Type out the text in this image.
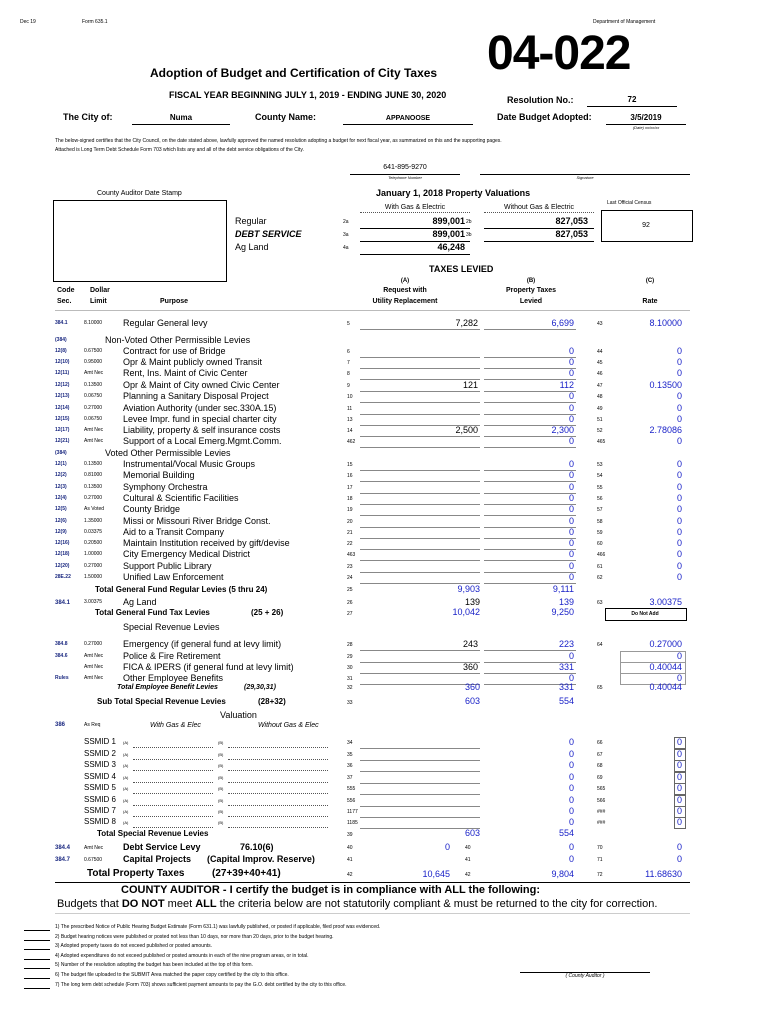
Dec 19	Form 635.1	Department of Management
04-022
Adoption of Budget and Certification of City Taxes
FISCAL YEAR BEGINNING JULY 1, 2019 - ENDING JUNE 30, 2020	Resolution No.:	72
The City of:	Numa	County Name:	APPANOOSE	Date Budget Adopted:	3/5/2019
(Date) xx/xx/xx
The below-signed certifies that the City Council, on the date stated above, lawfully approved the named resolution adopting a budget for next fiscal year, as summarized on this and the supporting pages.
Attached is Long Term Debt Schedule Form 703 which lists any and all of the debt service obligations of the City.
641-895-9270
Telephone Number	Signature
County Auditor Date Stamp	January 1, 2018 Property Valuations
With Gas & Electric	Without Gas & Electric
Last Official Census
92
Regular	2a	899,001 2b	827,053
DEBT SERVICE	3a	899,001 3b	827,053
Ag Land	4a	46,248
TAXES LEVIED
(A)
Request with
Utility Replacement
(B)
Property Taxes
Levied
(C)
Rate
Code
Sec.
Dollar
Limit	Purpose
384.1	8.10000 Regular General levy	5	7,282	6,699	43	8.10000
(384)	Non-Voted Other Permissible Levies
12(8)	0.67500 Contract for use of Bridge	6	0	44	0
12(10)	0.95000 Opr & Maint publicly owned Transit	7	0	45	0
12(11)	Amt Nec Rent, Ins. Maint of Civic Center	8	0	46	0
12(12)	0.13500 Opr & Maint of City owned Civic Center	9	121	112	47	0.13500
12(13)	0.06750 Planning a Sanitary Disposal Project	10	0	48	0
12(14)	0.27000 Aviation Authority (under sec.330A.15)	11	0	49	0
12(15)	0.06750 Levee Impr. fund in special charter city	13	0	51	0
12(17)	Amt Nec Liability, property & self insurance costs	14	2,500	2,300	52	2.78086
12(21)	Amt Nec Support of a Local Emerg.Mgmt.Comm.	462	0	465	0
(384)	Voted Other Permissible Levies
12(1)	0.13500 Instrumental/Vocal Music Groups	15	0	53	0
12(2)	0.81000 Memorial Building	16	0	54	0
12(3)	0.13500 Symphony Orchestra	17	0	55	0
12(4)	0.27000 Cultural & Scientific Facilities	18	0	56	0
12(5)	As Voted County Bridge	19	0	57	0
12(6)	1.35000 Missi or Missouri River Bridge Const.	20	0	58	0
12(9)	0.03375 Aid to a Transit Company	21	0	59	0
12(16)	0.20500 Maintain Institution received by gift/devise	22	0	60	0
12(18)	1.00000 City Emergency Medical District	463	0	466	0
12(20)	0.27000 Support Public Library	23	0	61	0
28E.22	1.50000 Unified Law Enforcement	24	0	62	0
Total General Fund Regular Levies (5 thru 24)	25	9,903	9,111
384.1	3.00375 Ag Land	26	139	139	63	3.00375
Total General Fund Tax Levies	(25 + 26)	27	10,042	9,250	Do Not Add
Special Revenue Levies
384.8	0.27000 Emergency (if general fund at levy limit)	28	243	223	64	0.27000
384.6	Amt Nec Police & Fire Retirement	29	0	0
Amt Nec FICA & IPERS (if general fund at levy limit)	30	360	331	0.40044
Rules	Amt Nec Other Employee Benefits	31	0	0
Total Employee Benefit Levies	(29,30,31)	32	360	331	65	0.40044
Sub Total Special Revenue Levies	(28+32)	33	603	554
Valuation
386	As Req	With Gas & Elec	Without Gas & Elec
SSMID 1 (A)	(B)	34	0	66	0
SSMID 2 (A)	(B)	35	0	67	0
SSMID 3 (A)	(B)	36	0	68	0
SSMID 4 (A)	(B)	37	0	69	0
SSMID 5 (A)	(B)	555	0	565	0
SSMID 6 (A)	(B)	556	0	566	0
SSMID 7 (A)	(B)	1177	0	###	0
SSMID 8 (A)	(B)	1185	0	###	0
Total Special Revenue Levies	39	603	554
384.4	Amt Nec Debt Service Levy	76.10(6)	40	0	40	0	70	0
384.7	0.67500 Capital Projects (Capital Improv. Reserve)	41	41	0	71	0
Total Property Taxes	(27+39+40+41)	42	10,645	42	9,804	72	11.68630
COUNTY AUDITOR - I certify the budget is in compliance with ALL the following:
Budgets that DO NOT meet ALL the criteria below are not statutorily compliant & must be returned to the city for correction.
1) The prescribed Notice of Public Hearing Budget Estimate (Form 631.1) was lawfully published, or posted if applicable, filed proof was evidenced.
2) Budget hearing notices were published or posted not less than 10 days, nor more than 20 days, prior to the budget hearing.
3) Adopted property taxes do not exceed published or posted amounts.
4) Adopted expenditures do not exceed published or posted amounts in each of the nine program areas, or in total.
5) Number of the resolution adopting the budget has been included at the top of this form.
6) The budget file uploaded to the SUBMIT Area matched the paper copy certified by the city to this office.
7) The long term debt schedule (Form 703) shows sufficient payment amounts to pay the G.O. debt certified by the city to this office.
( County Auditor )
